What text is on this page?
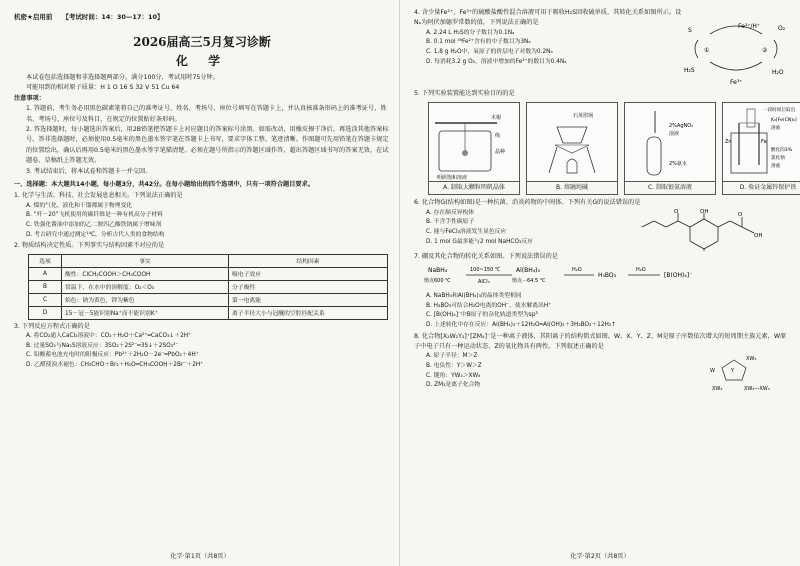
机密★启用前 【考试时间：14：30—17：10】
2026届高三5月复习诊断
化 学
本试卷包括选择题和非选择题两部分。满分100分，考试用时75分钟。
可能用到的相对原子质量：H 1 O 16 S 32 V 51 Cu 64
注意事项：
1. 答题前，考生务必用黑色碳素笔将自己的准考证号、姓名、考场号、座位号填写在答题卡上，并认真核准条形码上的准考证号、姓名、考场号、座位号及科目，在规定的位置贴好条形码。
2. 答选择题时，每小题选出答案后，用2B铅笔把答题卡上对应题目的答案标号涂黑。如需改动，用橡皮擦干净后，再选涂其他答案标号。答非选择题时，必须使用0.5毫米的黑色墨水签字笔在答题卡上书写，要求字体工整、笔迹清晰。作图题可先用铅笔在答题卡规定的位置绘出，确认后再用0.5毫米的黑色墨水签字笔描清楚。必须在题号所指示的答题区域作答，超出答题区域书写的答案无效，在试题卷、草稿纸上答题无效。
3. 考试结束后，将本试卷和答题卡一并交回。
一、选择题：本大题共14小题，每小题3分，共42分。在每小题给出的四个选项中，只有一项符合题目要求。
1. 化学与生活、科技、社会发展息息相关。下列说法正确的是
A. 煤的气化、液化和干馏都属于物理变化
B. “歼－20”飞机使用的碳纤维是一种有机高分子材料
C. 铁强化酱油中添加的乙二胺四乙酸铁钠属于增味剂
D. 考古研究中通过测定¹⁴C，分析古代人类的食物结构
2. 物质结构决定性质。下列事实与结构因素不对应的是
选项	事实	结构因素
A	酸性：ClCH₂COOH＞CH₃COOH	吸电子效应
B	常温下，在水中的溶解度：O₂＜O₃	分子极性
C	焰色：钠为黄色，钾为紫色	第一电离能
D	15－冠－5能识别Na⁺而不能识别K⁺	离子半径大小与冠醚的空腔匹配关系
3. 下列反应方程式正确的是
A. 将CO₂通入CaCl₂溶液中：CO₂＋H₂O＋Ca²⁺═CaCO₃↓＋2H⁺
B. 过量SO₂与Na₂S溶液反应：3SO₂＋2S²⁻═3S↓＋2SO₃²⁻
C. 铅酸蓄电池充电时的阳极反应：Pb²⁺＋2H₂O－2e⁻═PbO₂＋4H⁺
D. 乙醛使溴水褪色：CH₃CHO＋Br₂＋H₂O═CH₃COOH＋2Br⁻＋2H⁺
化学·第1页（共8页）
4. 含少量Fe²⁺、Fe³⁺的硫酸盐酸性混合溶液可用于吸收H₂S回收硫单质，其转化关系如图所示。设Nₐ为阿伏加德罗常数的值，下列说法正确的是
A. 2.24 L H₂S的分子数目为0.1Nₐ
B. 0.1 mol ⁵⁶Fe²⁺含有的中子数目为3Nₐ
C. 1.8 g H₂O中，氧原子的价层电子对数为0.2Nₐ
D. 每消耗3.2 g O₂，溶液中增加的Fe³⁺的数目为0.4Nₐ
S
Fe²⁺/H⁺	O₂
H₂S
Fe³⁺
H₂O
①	②
5. 下列实验装置能达到实验目的的是
木棍
线
晶种
明矾饱和溶液
A. 制取大颗粒明矾晶体
石英坩埚
B. 熔融纯碱
2%AgNO₃
溶液
2%氨水
C. 制取银氨溶液
一段时间后取出
K₃[Fe(CN)₆]
溶液
Zn	Fe
酸化的3%
氯化钠
溶液
D. 验证金属锌保护铁
6. 化合物G(结构如图)是一种抗菌、消炎药物的中间体。下列有关G的说法错误的是
A. 存在顺反异构体
B. 不含手性碳原子
C. 能与FeCl₃溶液发生显色反应
D. 1 mol G最多能与2 mol NaHCO₃反应
O	OH	O
OH
7. 硼及其化合物的转化关系如图。下列说法错误的是
NaBH₄
熔点600 ℃
100~150 ℃
AlCl₃
Al(BH₄)₃
熔点－64.5 ℃
H₂O
H₃BO₃
H₂O
[B(OH)₄]⁻
A. NaBH₄和Al(BH₄)₃的晶体类型相同
B. H₃BO₃可结合H₂O电离的OH⁻，使水解离出H⁺
C. [B(OH)₄]⁻中B原子的杂化轨道类型为sp³
D. 上述转化中存在反应：Al(BH₄)₃＋12H₂O═Al(OH)₃＋3H₃BO₃＋12H₂↑
8. 化合物[X₂W₂Y₂]⁺[ZM₄]⁻是一种离子液体，其阳离子的结构简式如图。W、X、Y、Z、M是原子序数依次增大的短周期主族元素，W原子中电子只有一种运动状态，Z的氧化物具有两性。下列叙述正确的是
A. 原子半径：M＞Z
B. 电负性：Y＞W＞Z
C. 键角：YW₃＞XW₄
D. ZM₃是离子化合物
XW₃
Y
W
XW₂	XW₂—XW₃
化学·第2页（共8页）
